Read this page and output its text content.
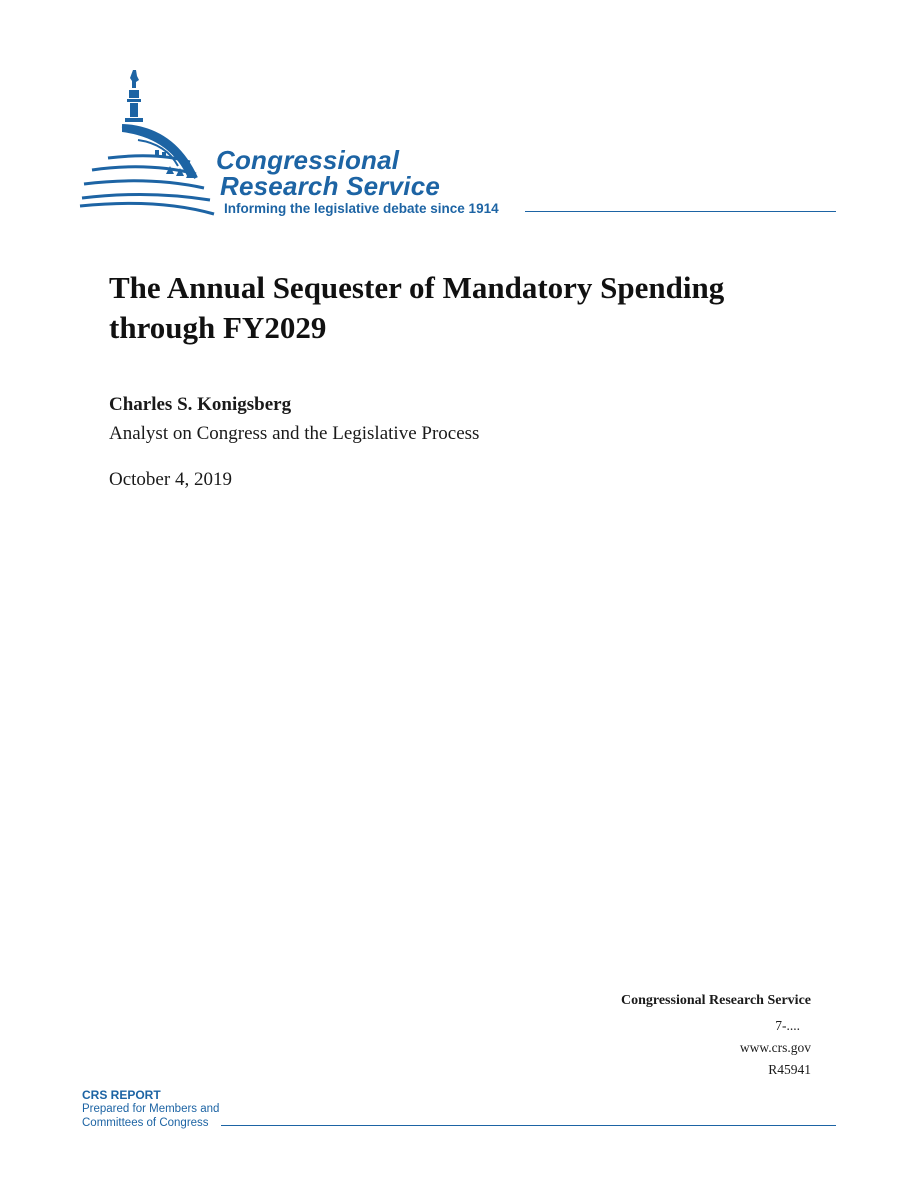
Congressional
Research Service
Informing the legislative debate since 1914
The Annual Sequester of Mandatory Spending through FY2029
Charles S. Konigsberg
Analyst on Congress and the Legislative Process
October 4, 2019
Congressional Research Service
7-....
www.crs.gov
R45941
CRS REPORT
Prepared for Members and
Committees of Congress
